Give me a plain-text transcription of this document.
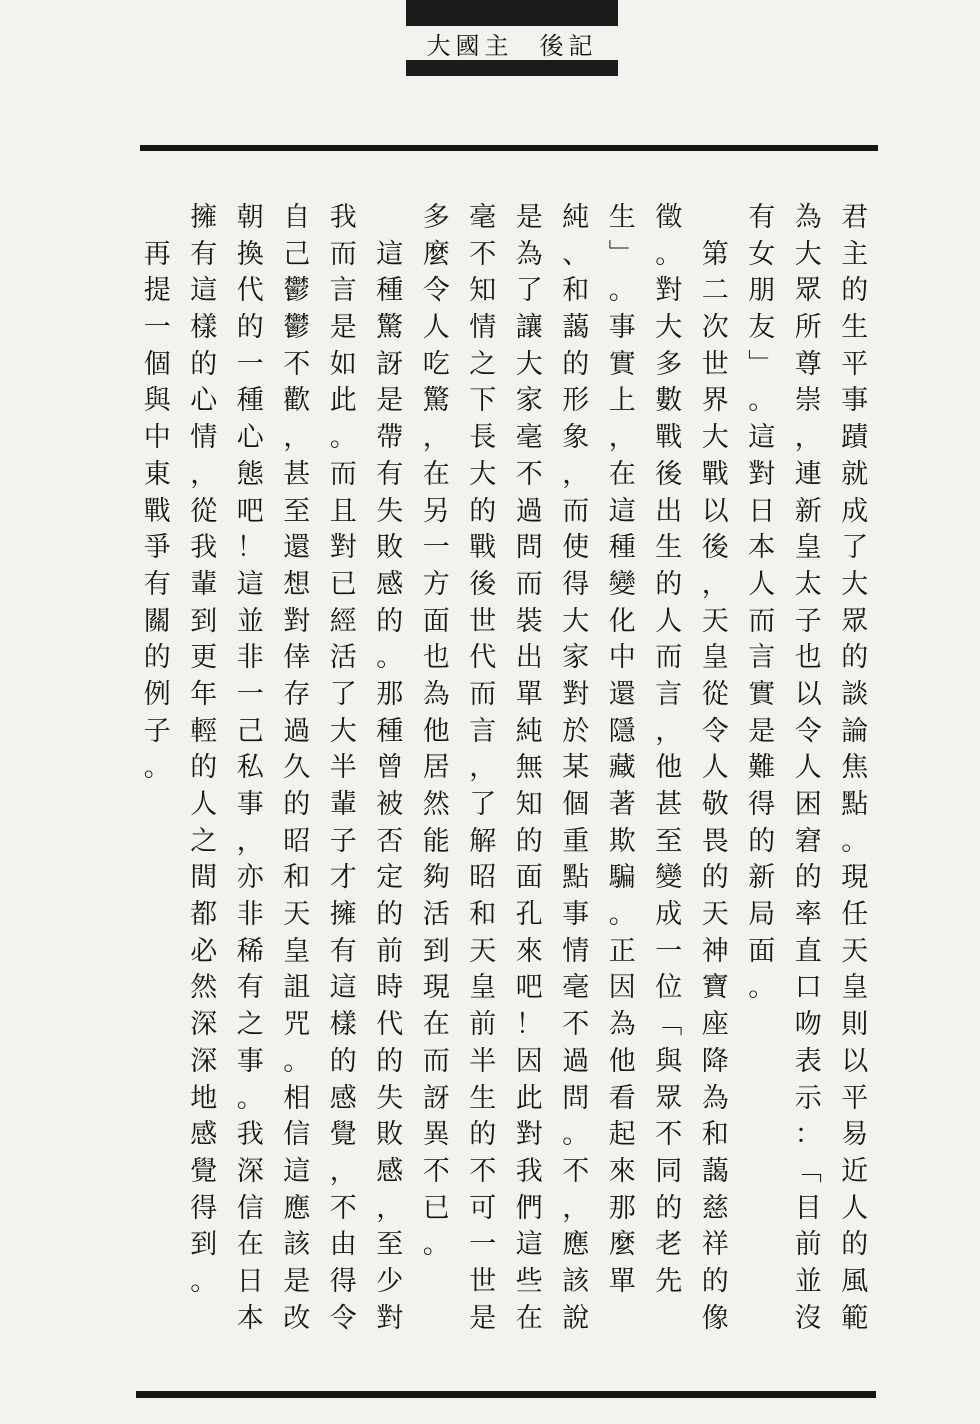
大國主 後記
君
主
的
生
平
事
蹟
就
成
了
大
眾
的
談
論
焦
點
。
現
任
天
皇
則
以
平
易
近
人
的
風
範
為
大
眾
所
尊
崇
，
連
新
皇
太
子
也
以
令
人
困
窘
的
率
直
口
吻
表
示
：
﹁
目
前
並
沒
有
女
朋
友
﹂
。
這
對
日
本
人
而
言
實
是
難
得
的
新
局
面
。

第
二
次
世
界
大
戰
以
後
，
天
皇
從
令
人
敬
畏
的
天
神
寶
座
降
為
和
藹
慈
祥
的
像
徵
。
對
大
多
數
戰
後
出
生
的
人
而
言
，
他
甚
至
變
成
一
位
﹁
與
眾
不
同
的
老
先
生
﹂
。
事
實
上
，
在
這
種
變
化
中
還
隱
藏
著
欺
騙
。
正
因
為
他
看
起
來
那
麼
單
純
、
和
藹
的
形
象
，
而
使
得
大
家
對
於
某
個
重
點
事
情
毫
不
過
問
。
不
，
應
該
說
是
為
了
讓
大
家
毫
不
過
問
而
裝
出
單
純
無
知
的
面
孔
來
吧
！
因
此
對
我
們
這
些
在
毫
不
知
情
之
下
長
大
的
戰
後
世
代
而
言
，
了
解
昭
和
天
皇
前
半
生
的
不
可
一
世
是
多
麼
令
人
吃
驚
，
在
另
一
方
面
也
為
他
居
然
能
夠
活
到
現
在
而
訝
異
不
已
。

這
種
驚
訝
是
帶
有
失
敗
感
的
。
那
種
曾
被
否
定
的
前
時
代
的
失
敗
感
，
至
少
對
我
而
言
是
如
此
。
而
且
對
已
經
活
了
大
半
輩
子
才
擁
有
這
樣
的
感
覺
，
不
由
得
令
自
己
鬱
鬱
不
歡
，
甚
至
還
想
對
倖
存
過
久
的
昭
和
天
皇
詛
咒
。
相
信
這
應
該
是
改
朝
換
代
的
一
種
心
態
吧
！
這
並
非
一
己
私
事
，
亦
非
稀
有
之
事
。
我
深
信
在
日
本
擁
有
這
樣
的
心
情
，
從
我
輩
到
更
年
輕
的
人
之
間
都
必
然
深
深
地
感
覺
得
到
。

再
提
一
個
與
中
東
戰
爭
有
關
的
例
子
。
